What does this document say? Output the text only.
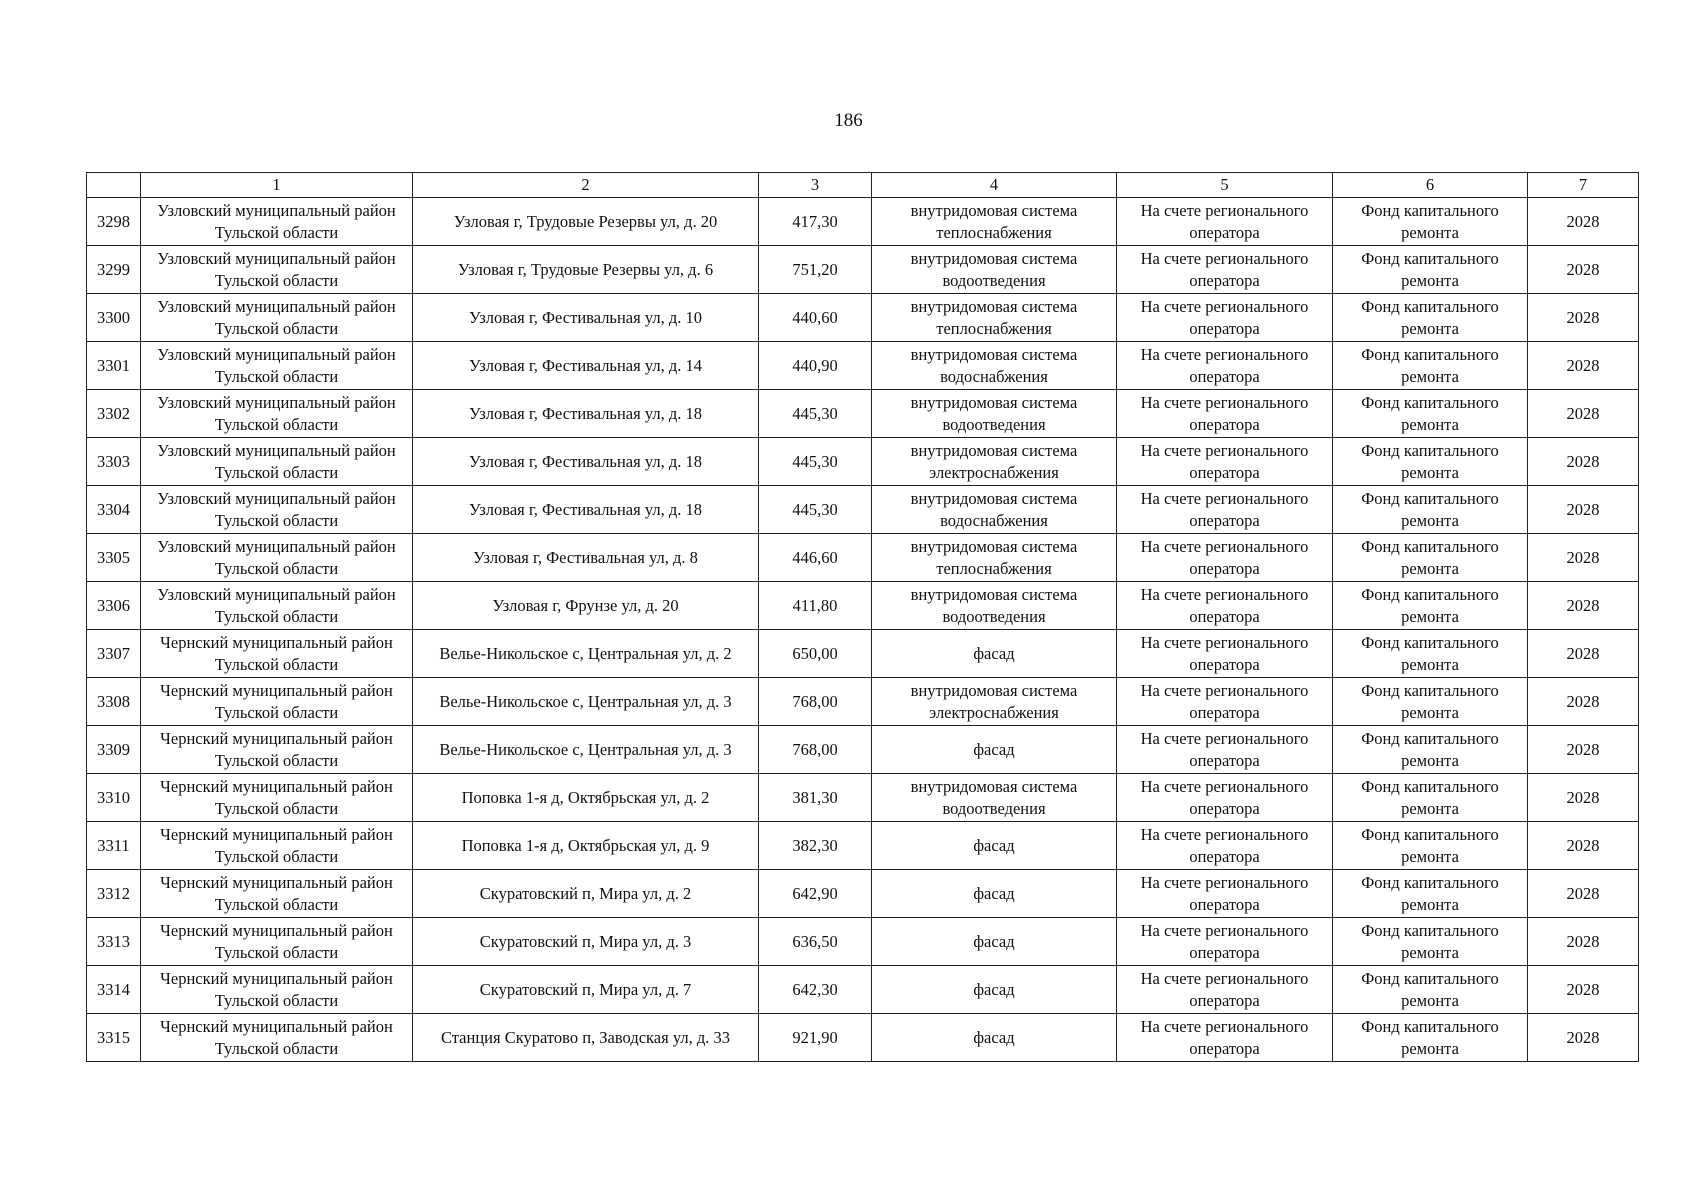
186
	1	2	3	4	5	6	7
3298	Узловский муниципальный район Тульской области	Узловая г, Трудовые Резервы ул, д. 20	417,30	внутридомовая система теплоснабжения	На счете регионального оператора	Фонд капитального ремонта	2028
3299	Узловский муниципальный район Тульской области	Узловая г, Трудовые Резервы ул, д. 6	751,20	внутридомовая система водоотведения	На счете регионального оператора	Фонд капитального ремонта	2028
3300	Узловский муниципальный район Тульской области	Узловая г, Фестивальная ул, д. 10	440,60	внутридомовая система теплоснабжения	На счете регионального оператора	Фонд капитального ремонта	2028
3301	Узловский муниципальный район Тульской области	Узловая г, Фестивальная ул, д. 14	440,90	внутридомовая система водоснабжения	На счете регионального оператора	Фонд капитального ремонта	2028
3302	Узловский муниципальный район Тульской области	Узловая г, Фестивальная ул, д. 18	445,30	внутридомовая система водоотведения	На счете регионального оператора	Фонд капитального ремонта	2028
3303	Узловский муниципальный район Тульской области	Узловая г, Фестивальная ул, д. 18	445,30	внутридомовая система электроснабжения	На счете регионального оператора	Фонд капитального ремонта	2028
3304	Узловский муниципальный район Тульской области	Узловая г, Фестивальная ул, д. 18	445,30	внутридомовая система водоснабжения	На счете регионального оператора	Фонд капитального ремонта	2028
3305	Узловский муниципальный район Тульской области	Узловая г, Фестивальная ул, д. 8	446,60	внутридомовая система теплоснабжения	На счете регионального оператора	Фонд капитального ремонта	2028
3306	Узловский муниципальный район Тульской области	Узловая г, Фрунзе ул, д. 20	411,80	внутридомовая система водоотведения	На счете регионального оператора	Фонд капитального ремонта	2028
3307	Чернский муниципальный район Тульской области	Велье-Никольское с, Центральная ул, д. 2	650,00	фасад	На счете регионального оператора	Фонд капитального ремонта	2028
3308	Чернский муниципальный район Тульской области	Велье-Никольское с, Центральная ул, д. 3	768,00	внутридомовая система электроснабжения	На счете регионального оператора	Фонд капитального ремонта	2028
3309	Чернский муниципальный район Тульской области	Велье-Никольское с, Центральная ул, д. 3	768,00	фасад	На счете регионального оператора	Фонд капитального ремонта	2028
3310	Чернский муниципальный район Тульской области	Поповка 1-я д, Октябрьская ул, д. 2	381,30	внутридомовая система водоотведения	На счете регионального оператора	Фонд капитального ремонта	2028
3311	Чернский муниципальный район Тульской области	Поповка 1-я д, Октябрьская ул, д. 9	382,30	фасад	На счете регионального оператора	Фонд капитального ремонта	2028
3312	Чернский муниципальный район Тульской области	Скуратовский п, Мира ул, д. 2	642,90	фасад	На счете регионального оператора	Фонд капитального ремонта	2028
3313	Чернский муниципальный район Тульской области	Скуратовский п, Мира ул, д. 3	636,50	фасад	На счете регионального оператора	Фонд капитального ремонта	2028
3314	Чернский муниципальный район Тульской области	Скуратовский п, Мира ул, д. 7	642,30	фасад	На счете регионального оператора	Фонд капитального ремонта	2028
3315	Чернский муниципальный район Тульской области	Станция Скуратово п, Заводская ул, д. 33	921,90	фасад	На счете регионального оператора	Фонд капитального ремонта	2028
